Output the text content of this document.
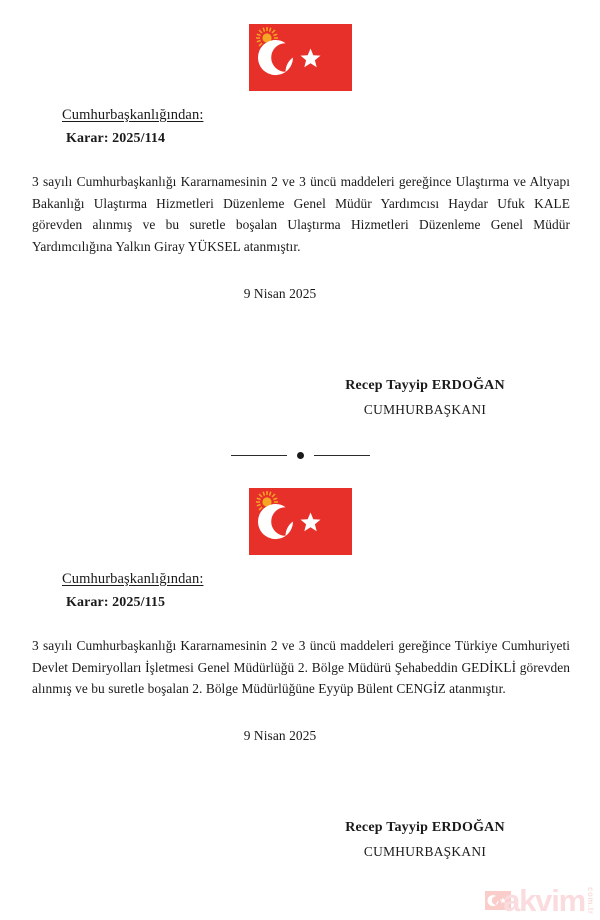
Cumhurbaşkanlığından:

Karar: 2025/114

3 sayılı Cumhurbaşkanlığı Kararnamesinin 2 ve 3 üncü maddeleri gereğince Ulaştırma ve Altyapı Bakanlığı Ulaştırma Hizmetleri Düzenleme Genel Müdür Yardımcısı Haydar Ufuk KALE görevden alınmış ve bu suretle boşalan Ulaştırma Hizmetleri Düzenleme Genel Müdür Yardımcılığına Yalkın Giray YÜKSEL atanmıştır.

9 Nisan 2025

Recep Tayyip ERDOĞAN

CUMHURBAŞKANI

Cumhurbaşkanlığından:

Karar: 2025/115

3 sayılı Cumhurbaşkanlığı Kararnamesinin 2 ve 3 üncü maddeleri gereğince Türkiye Cumhuriyeti Devlet Demiryolları İşletmesi Genel Müdürlüğü 2. Bölge Müdürü Şehabeddin GEDİKLİ görevden alınmış ve bu suretle boşalan 2. Bölge Müdürlüğüne Eyyüp Bülent CENGİZ atanmıştır.

9 Nisan 2025

Recep Tayyip ERDOĞAN

CUMHURBAŞKANI

akvim com.tr
